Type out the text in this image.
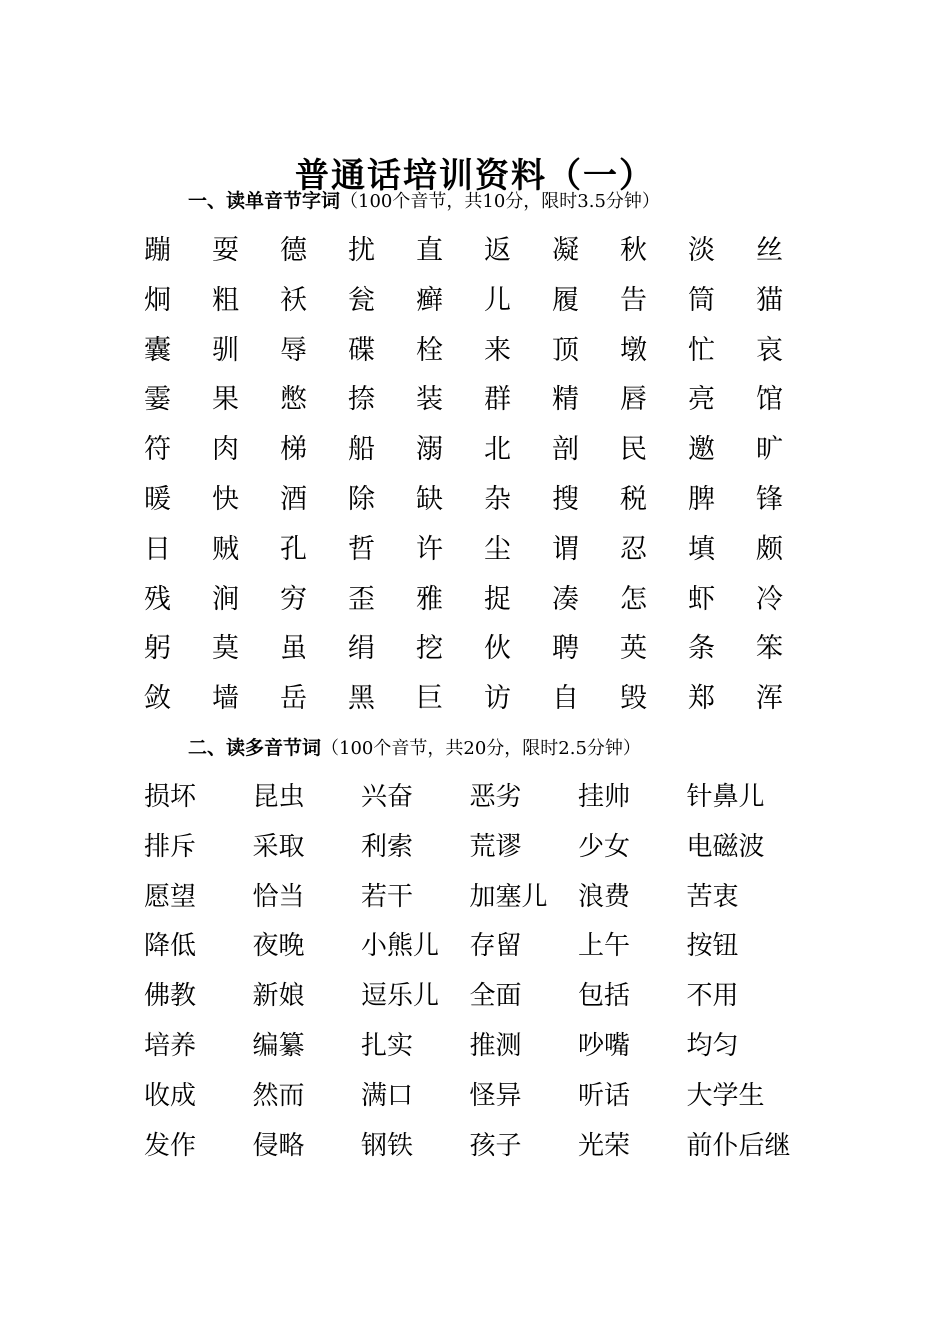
普通话培训资料（一）
一、读单音节字词（100个音节，共10分，限时3.5分钟）
蹦	耍	德	扰	直	返	凝	秋	淡	丝
炯	粗	袄	瓮	癣	儿	履	告	筒	猫
囊	驯	辱	碟	栓	来	顶	墩	忙	哀
霎	果	憋	捺	装	群	精	唇	亮	馆
符	肉	梯	船	溺	北	剖	民	邀	旷
暖	快	酒	除	缺	杂	搜	税	脾	锋
日	贼	孔	哲	许	尘	谓	忍	填	颇
残	涧	穷	歪	雅	捉	凑	怎	虾	冷
躬	莫	虽	绢	挖	伙	聘	英	条	笨
敛	墙	岳	黑	巨	访	自	毁	郑	浑
二、读多音节词（100个音节，共20分，限时2.5分钟）
损坏	昆虫	兴奋	恶劣	挂帅	针鼻儿
排斥	采取	利索	荒谬	少女	电磁波
愿望	恰当	若干	加塞儿	浪费	苦衷
降低	夜晚	小熊儿	存留	上午	按钮
佛教	新娘	逗乐儿	全面	包括	不用
培养	编纂	扎实	推测	吵嘴	均匀
收成	然而	满口	怪异	听话	大学生
发作	侵略	钢铁	孩子	光荣	前仆后继
